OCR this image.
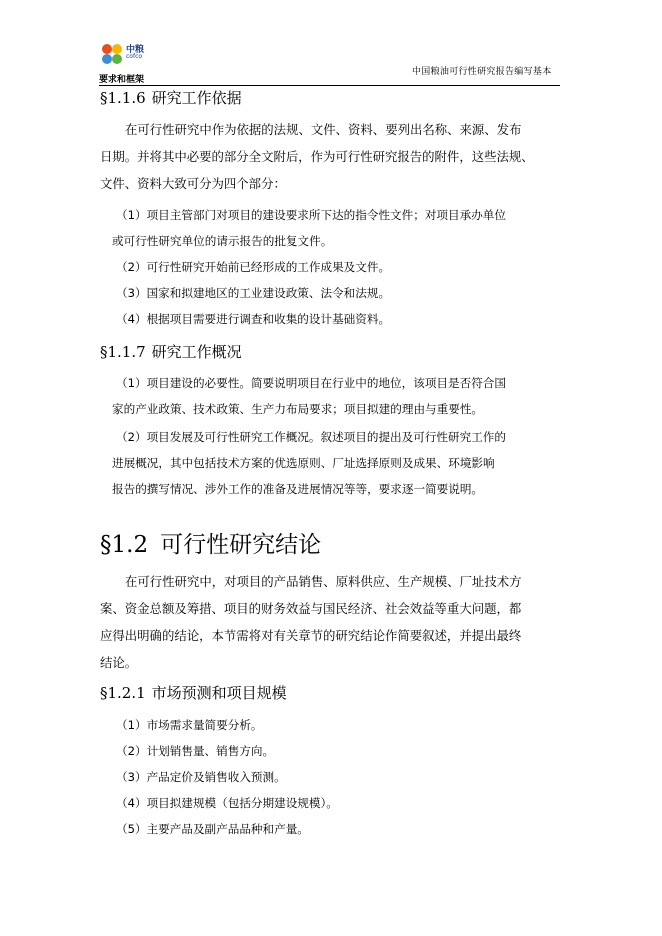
中粮
cofco
要求和框架
中国粮油可行性研究报告编写基本
§1.1.6 研究工作依据
在可行性研究中作为依据的法规、文件、资料、要列出名称、来源、发布
日期。并将其中必要的部分全文附后，作为可行性研究报告的附件，这些法规、
文件、资料大致可分为四个部分：
（1）项目主管部门对项目的建设要求所下达的指令性文件；对项目承办单位
或可行性研究单位的请示报告的批复文件。
（2）可行性研究开始前已经形成的工作成果及文件。
（3）国家和拟建地区的工业建设政策、法令和法规。
（4）根据项目需要进行调查和收集的设计基础资料。
§1.1.7 研究工作概况
（1）项目建设的必要性。简要说明项目在行业中的地位，该项目是否符合国
家的产业政策、技术政策、生产力布局要求；项目拟建的理由与重要性。
（2）项目发展及可行性研究工作概况。叙述项目的提出及可行性研究工作的
进展概况，其中包括技术方案的优选原则、厂址选择原则及成果、环境影响
报告的撰写情况、涉外工作的准备及进展情况等等，要求逐一简要说明。
§1.2 可行性研究结论
在可行性研究中，对项目的产品销售、原料供应、生产规模、厂址技术方
案、资金总额及筹措、项目的财务效益与国民经济、社会效益等重大问题，都
应得出明确的结论，本节需将对有关章节的研究结论作简要叙述，并提出最终
结论。
§1.2.1 市场预测和项目规模
（1）市场需求量简要分析。
（2）计划销售量、销售方向。
（3）产品定价及销售收入预测。
（4）项目拟建规模（包括分期建设规模）。
（5）主要产品及副产品品种和产量。
